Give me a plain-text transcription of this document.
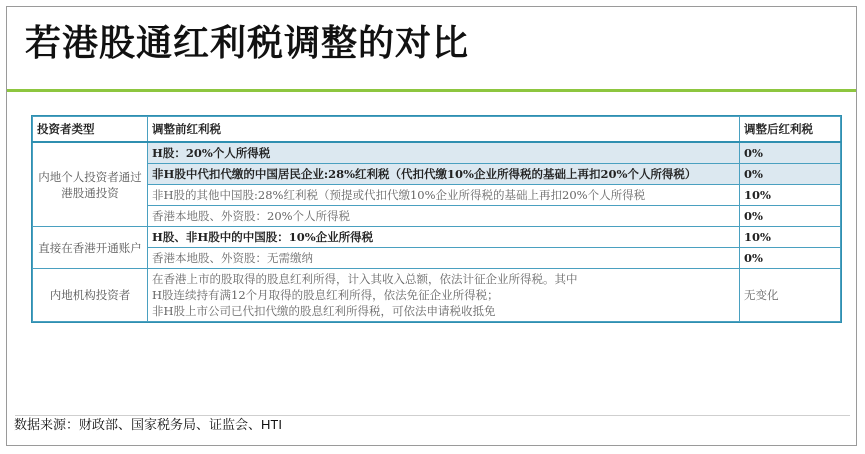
若港股通红利税调整的对比
投资者类型	调整前红利税	调整后红利税
内地个人投资者通过港股通投资	H股：20%个人所得税	0%
	非H股中代扣代缴的中国居民企业:28%红利税（代扣代缴10%企业所得税的基础上再扣20%个人所得税）	0%
	非H股的其他中国股:28%红利税（预提或代扣代缴10%企业所得税的基础上再扣20%个人所得税	10%
	香港本地股、外资股：20%个人所得税	0%
直接在香港开通账户	H股、非H股中的中国股：10%企业所得税	10%
	香港本地股、外资股：无需缴纳	0%
内地机构投资者	在香港上市的股取得的股息红利所得，计入其收入总额，依法计征企业所得税。其中
H股连续持有满12个月取得的股息红利所得，依法免征企业所得税；
非H股上市公司已代扣代缴的股息红利所得税，可依法申请税收抵免	无变化
数据来源：财政部、国家税务局、证监会、HTI
